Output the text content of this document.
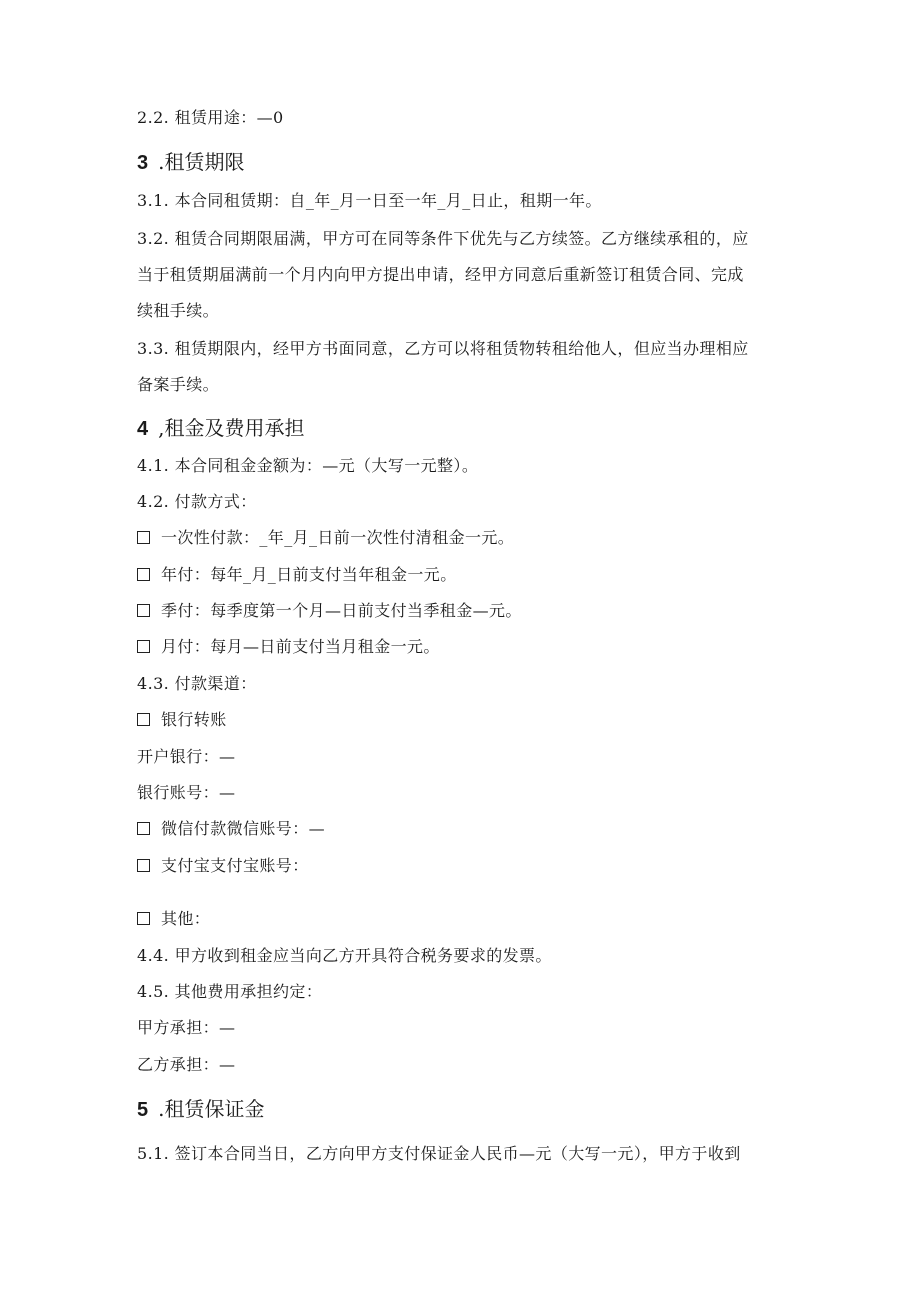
2.2. 租赁用途：—0
3 .租赁期限
3.1. 本合同租赁期：自_年_月一日至一年_月_日止，租期一年。
3.2. 租赁合同期限届满，甲方可在同等条件下优先与乙方续签。乙方继续承租的，应
当于租赁期届满前一个月内向甲方提出申请，经甲方同意后重新签订租赁合同、完成
续租手续。
3.3. 租赁期限内，经甲方书面同意，乙方可以将租赁物转租给他人，但应当办理相应
备案手续。
4 ,租金及费用承担
4.1. 本合同租金金额为：—元（大写一元整）。
4.2. 付款方式：
一次性付款：_年_月_日前一次性付清租金一元。
年付：每年_月_日前支付当年租金一元。
季付：每季度第一个月—日前支付当季租金—元。
月付：每月—日前支付当月租金一元。
4.3. 付款渠道：
银行转账
开户银行：—
银行账号：—
微信付款微信账号：—
支付宝支付宝账号：
其他：
4.4. 甲方收到租金应当向乙方开具符合税务要求的发票。
4.5. 其他费用承担约定：
甲方承担：—
乙方承担：—
5 .租赁保证金
5.1. 签订本合同当日，乙方向甲方支付保证金人民币—元（大写一元），甲方于收到
